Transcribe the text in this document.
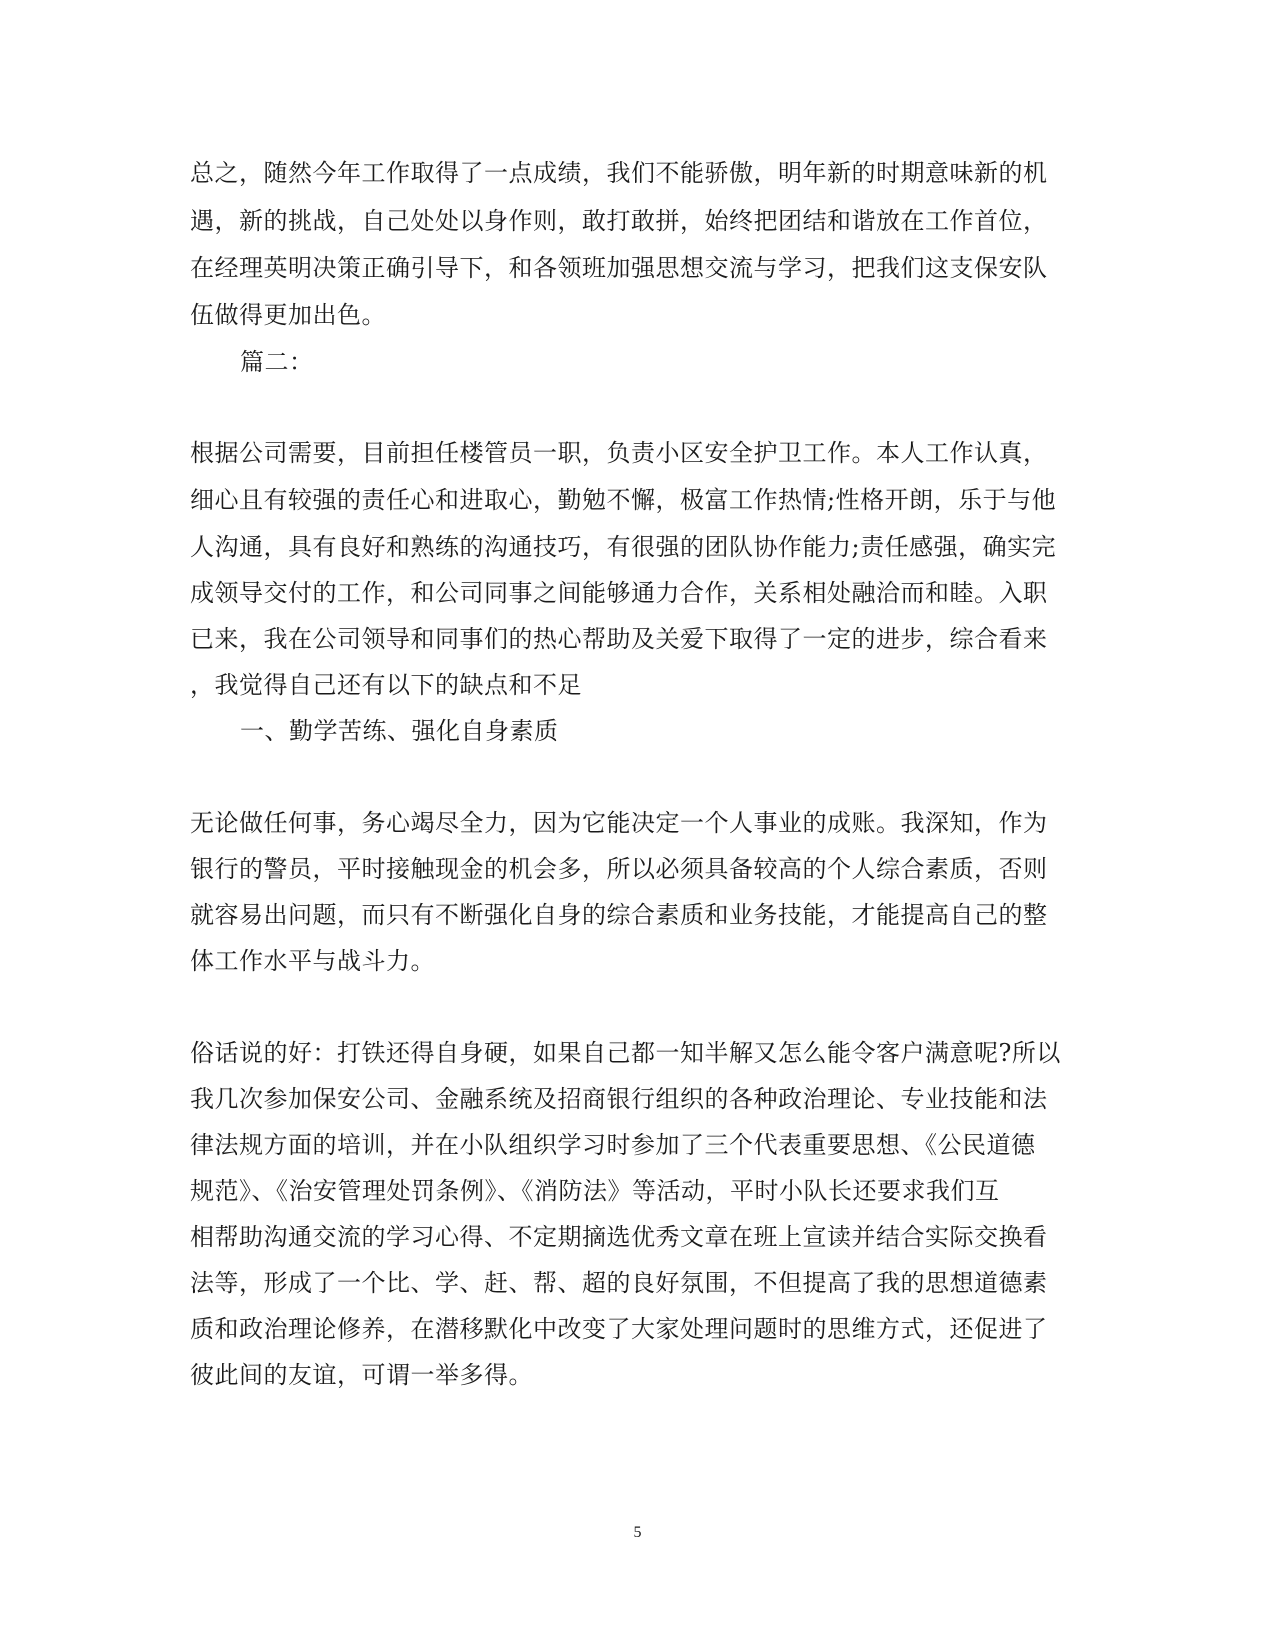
总之，随然今年工作取得了一点成绩，我们不能骄傲，明年新的时期意味新的机
遇，新的挑战，自己处处以身作则，敢打敢拼，始终把团结和谐放在工作首位，
在经理英明决策正确引导下，和各领班加强思想交流与学习，把我们这支保安队
伍做得更加出色。
篇二：
根据公司需要，目前担任楼管员一职，负责小区安全护卫工作。本人工作认真，
细心且有较强的责任心和进取心，勤勉不懈，极富工作热情;性格开朗，乐于与他
人沟通，具有良好和熟练的沟通技巧，有很强的团队协作能力;责任感强，确实完
成领导交付的工作，和公司同事之间能够通力合作，关系相处融洽而和睦。入职
已来，我在公司领导和同事们的热心帮助及关爱下取得了一定的进步，综合看来
，我觉得自己还有以下的缺点和不足
一、勤学苦练、强化自身素质
无论做任何事，务心竭尽全力，因为它能决定一个人事业的成账。我深知，作为
银行的警员，平时接触现金的机会多，所以必须具备较高的个人综合素质，否则
就容易出问题，而只有不断强化自身的综合素质和业务技能，才能提高自己的整
体工作水平与战斗力。
俗话说的好：打铁还得自身硬，如果自己都一知半解又怎么能令客户满意呢?所以
我几次参加保安公司、金融系统及招商银行组织的各种政治理论、专业技能和法
律法规方面的培训，并在小队组织学习时参加了三个代表重要思想、《公民道德
规范》、《治安管理处罚条例》、《消防法》等活动，平时小队长还要求我们互
相帮助沟通交流的学习心得、不定期摘选优秀文章在班上宣读并结合实际交换看
法等，形成了一个比、学、赶、帮、超的良好氛围，不但提高了我的思想道德素
质和政治理论修养，在潜移默化中改变了大家处理问题时的思维方式，还促进了
彼此间的友谊，可谓一举多得。
5
